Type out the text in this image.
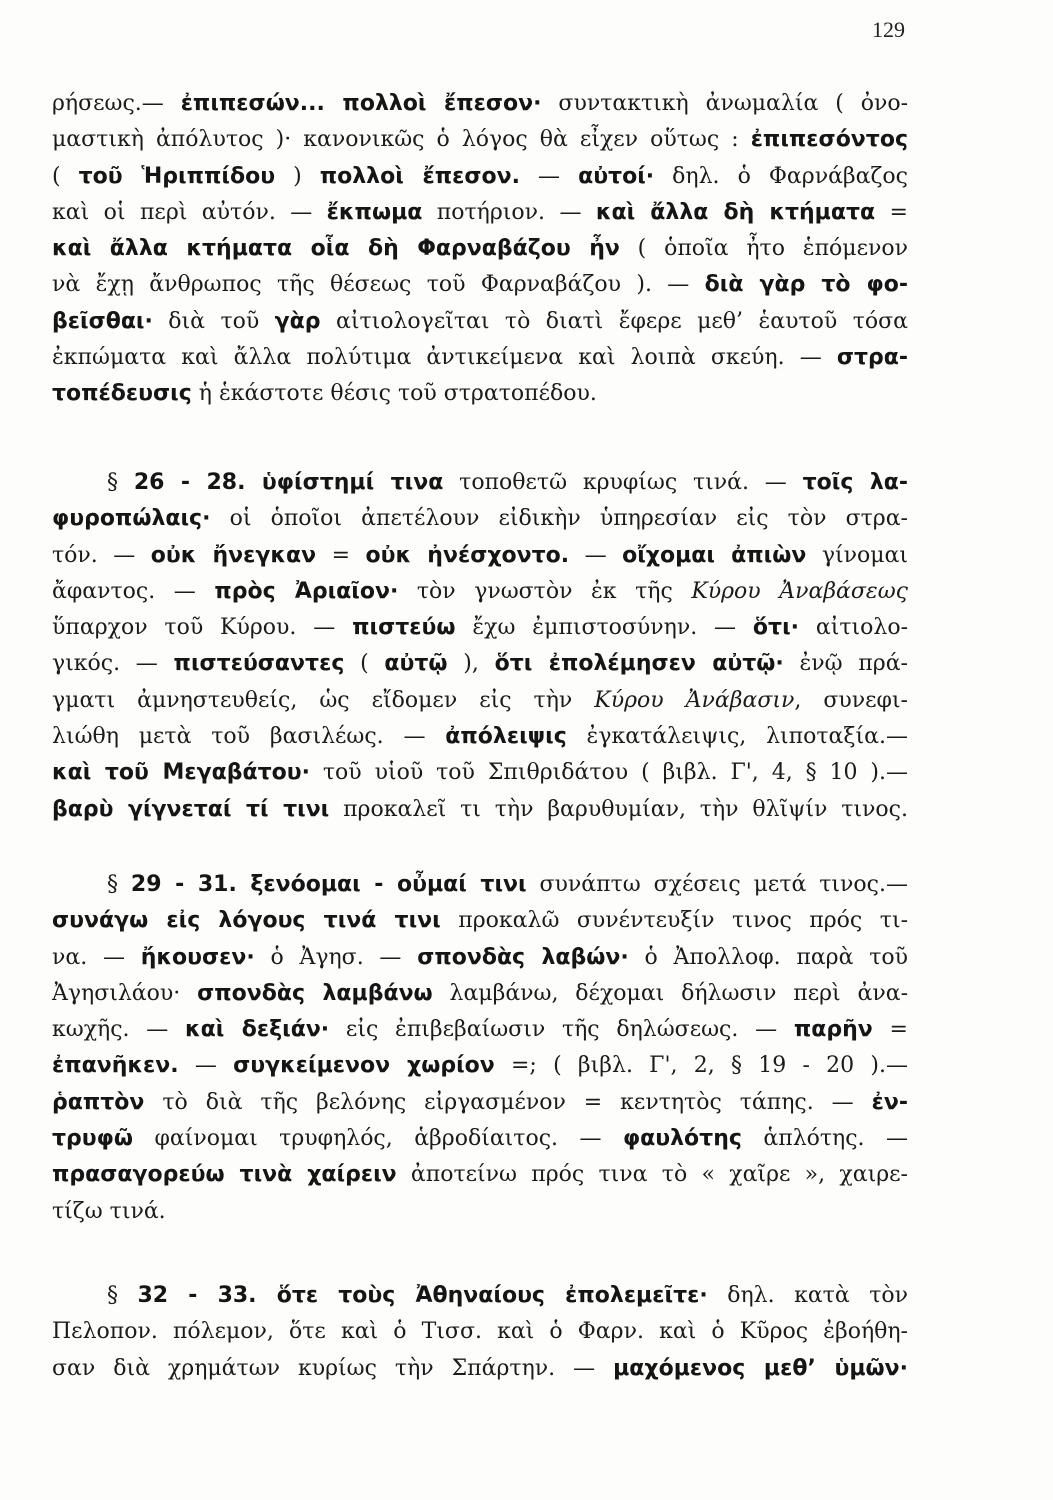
129
ρήσεως.— ἐπιπεσών... πολλοὶ ἔπεσον· συντακτικὴ ἀνωμαλία ( ὀνο-
μαστικὴ ἀπόλυτος )· κανονικῶς ὁ λόγος θὰ εἶχεν οὕτως : ἐπιπεσόντος
( τοῦ Ἡριππίδου ) πολλοὶ ἔπεσον. — αὐτοί· δηλ. ὁ Φαρνάβαζος
καὶ οἱ περὶ αὐτόν. — ἔκπωμα ποτήριον. — καὶ ἄλλα δὴ κτήματα =
καὶ ἄλλα κτήματα οἷα δὴ Φαρναβάζου ἦν ( ὁποῖα ἦτο ἑπόμενον
νὰ ἔχῃ ἄνθρωπος τῆς θέσεως τοῦ Φαρναβάζου ). — διὰ γὰρ τὸ φο-
βεῖσθαι· διὰ τοῦ γὰρ αἰτιολογεῖται τὸ διατὶ ἔφερε μεθ’ ἑαυτοῦ τόσα
ἐκπώματα καὶ ἄλλα πολύτιμα ἀντικείμενα καὶ λοιπὰ σκεύη. — στρα-
τοπέδευσις ἡ ἑκάστοτε θέσις τοῦ στρατοπέδου.
§ 26 - 28. ὑφίστημί τινα τοποθετῶ κρυφίως τινά. — τοῖς λα-
φυροπώλαις· οἱ ὁποῖοι ἀπετέλουν εἰδικὴν ὑπηρεσίαν εἰς τὸν στρα-
τόν. — οὐκ ἤνεγκαν = οὐκ ἠνέσχοντο. — οἴχομαι ἀπιὼν γίνομαι
ἄφαντος. — πρὸς Ἀριαῖον· τὸν γνωστὸν ἐκ τῆς Κύρου Ἀναβάσεως
ὕπαρχον τοῦ Κύρου. — πιστεύω ἔχω ἐμπιστοσύνην. — ὅτι· αἰτιολο-
γικός. — πιστεύσαντες ( αὐτῷ ), ὅτι ἐπολέμησεν αὐτῷ· ἐνῷ πρά-
γματι ἀμνηστευθείς, ὡς εἴδομεν εἰς τὴν Κύρου Ἀνάβασιν, συνεφι-
λιώθη μετὰ τοῦ βασιλέως. — ἀπόλειψις ἐγκατάλειψις, λιποταξία.—
καὶ τοῦ Μεγαβάτου· τοῦ υἱοῦ τοῦ Σπιθριδάτου ( βιβλ. Γ', 4, § 10 ).—
βαρὺ γίγνεταί τί τινι προκαλεῖ τι τὴν βαρυθυμίαν, τὴν θλῖψίν τινος.
§ 29 - 31. ξενόομαι - οὖμαί τινι συνάπτω σχέσεις μετά τινος.—
συνάγω εἰς λόγους τινά τινι προκαλῶ συνέντευξίν τινος πρός τι-
να. — ἤκουσεν· ὁ Ἀγησ. — σπονδὰς λαβών· ὁ Ἀπολλοφ. παρὰ τοῦ
Ἀγησιλάου· σπονδὰς λαμβάνω λαμβάνω, δέχομαι δήλωσιν περὶ ἀνα-
κωχῆς. — καὶ δεξιάν· εἰς ἐπιβεβαίωσιν τῆς δηλώσεως. — παρῆν =
ἐπανῆκεν. — συγκείμενον χωρίον =; ( βιβλ. Γ', 2, § 19 - 20 ).—
ῥαπτὸν τὸ διὰ τῆς βελόνης εἰργασμένον = κεντητὸς τάπης. — ἐν-
τρυφῶ φαίνομαι τρυφηλός, ἁβροδίαιτος. — φαυλότης ἁπλότης. —
πρασαγορεύω τινὰ χαίρειν ἀποτείνω πρός τινα τὸ « χαῖρε », χαιρε-
τίζω τινά.
§ 32 - 33. ὅτε τοὺς Ἀθηναίους ἐπολεμεῖτε· δηλ. κατὰ τὸν
Πελοπον. πόλεμον, ὅτε καὶ ὁ Τισσ. καὶ ὁ Φαρν. καὶ ὁ Κῦρος ἐβοήθη-
σαν διὰ χρημάτων κυρίως τὴν Σπάρτην. — μαχόμενος μεθ’ ὑμῶν·
